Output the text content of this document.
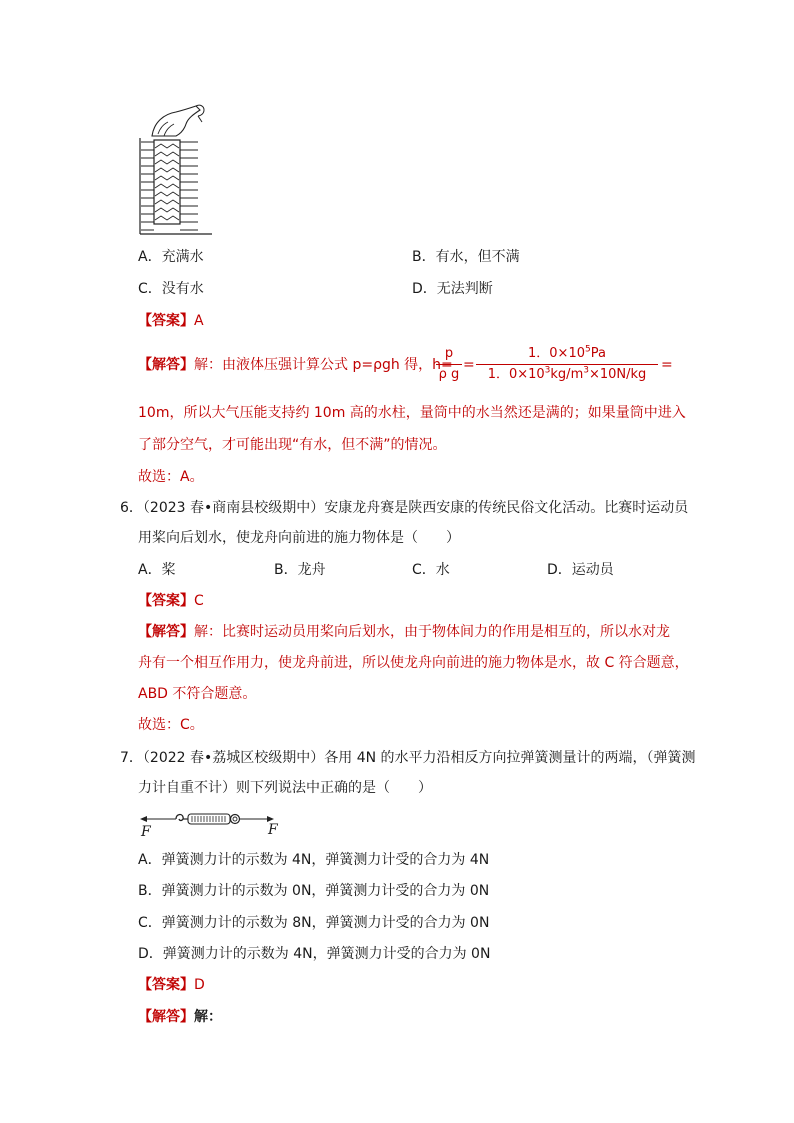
A．充满水	B．有水，但不满
C．没有水	D．无法判断
【答案】A
【解答】解：由液体压强计算公式 p=ρgh 得，h=
p
ρ g
=
1．$0\times 10^5Pa$
1．$0\times 10^3kg/m^3\times 10N/kg$
=
10m，所以大气压能支持约 10m 高的水柱，量筒中的水当然还是满的；如果量筒中进入
了部分空气，才可能出现“有水，但不满”的情况。
故选：A。
6．（2023 春•商南县校级期中）安康龙舟赛是陕西安康的传统民俗文化活动。比赛时运动员
用桨向后划水，使龙舟向前进的施力物体是（　　）
A．桨	B．龙舟	C．水	D．运动员
【答案】C
【解答】解：比赛时运动员用桨向后划水，由于物体间力的作用是相互的，所以水对龙
舟有一个相互作用力，使龙舟前进，所以使龙舟向前进的施力物体是水，故 C 符合题意，
ABD 不符合题意。
故选：C。
7．（2022 春•荔城区校级期中）各用 4N 的水平力沿相反方向拉弹簧测量计的两端，（弹簧测
力计自重不计）则下列说法中正确的是（　　）
F	F
A．弹簧测力计的示数为 4N，弹簧测力计受的合力为 4N
B．弹簧测力计的示数为 0N，弹簧测力计受的合力为 0N
C．弹簧测力计的示数为 8N，弹簧测力计受的合力为 0N
D．弹簧测力计的示数为 4N，弹簧测力计受的合力为 0N
【答案】D
【解答】解：
